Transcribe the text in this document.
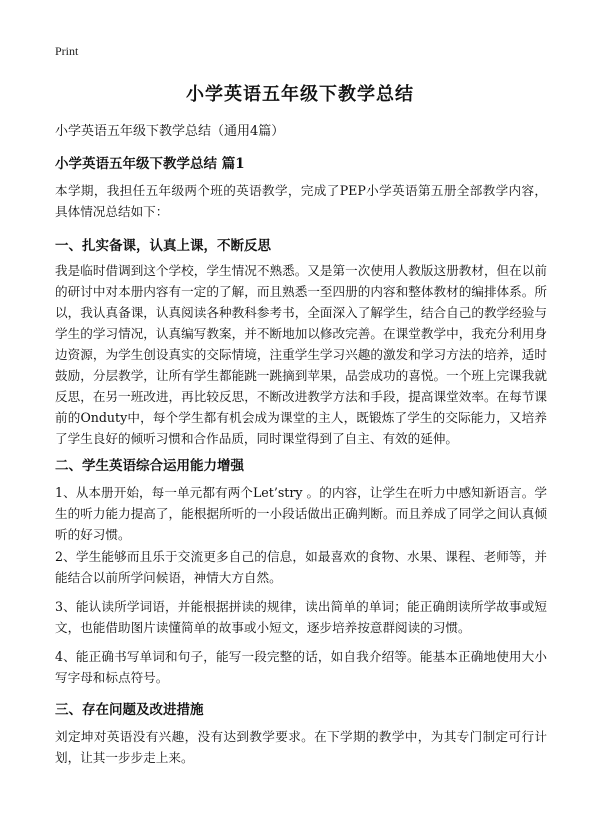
Print
小学英语五年级下教学总结
小学英语五年级下教学总结（通用4篇）
小学英语五年级下教学总结 篇1
本学期，我担任五年级两个班的英语教学，完成了PEP小学英语第五册全部教学内容，具体情况总结如下：
一、扎实备课，认真上课，不断反思
我是临时借调到这个学校，学生情况不熟悉。又是第一次使用人教版这册教材，但在以前的研讨中对本册内容有一定的了解，而且熟悉一至四册的内容和整体教材的编排体系。所以，我认真备课，认真阅读各种教科参考书，全面深入了解学生，结合自己的教学经验与学生的学习情况，认真编写教案，并不断地加以修改完善。在课堂教学中，我充分利用身边资源，为学生创设真实的交际情境，注重学生学习兴趣的激发和学习方法的培养，适时鼓励，分层教学，让所有学生都能跳一跳摘到苹果，品尝成功的喜悦。一个班上完课我就反思，在另一班改进，再比较反思，不断改进教学方法和手段，提高课堂效率。在每节课前的Onduty中，每个学生都有机会成为课堂的主人，既锻炼了学生的交际能力，又培养了学生良好的倾听习惯和合作品质，同时课堂得到了自主、有效的延伸。
二、学生英语综合运用能力增强
1、从本册开始，每一单元都有两个Let’stry 。的内容，让学生在听力中感知新语言。学生的听力能力提高了，能根据所听的一小段话做出正确判断。而且养成了同学之间认真倾听的好习惯。
2、学生能够而且乐于交流更多自己的信息，如最喜欢的食物、水果、课程、老师等，并能结合以前所学问候语，神情大方自然。
3、能认读所学词语，并能根据拼读的规律，读出简单的单词；能正确朗读所学故事或短文，也能借助图片读懂简单的故事或小短文，逐步培养按意群阅读的习惯。
4、能正确书写单词和句子，能写一段完整的话，如自我介绍等。能基本正确地使用大小写字母和标点符号。
三、存在问题及改进措施
刘定坤对英语没有兴趣，没有达到教学要求。在下学期的教学中，为其专门制定可行计划，让其一步步走上来。
